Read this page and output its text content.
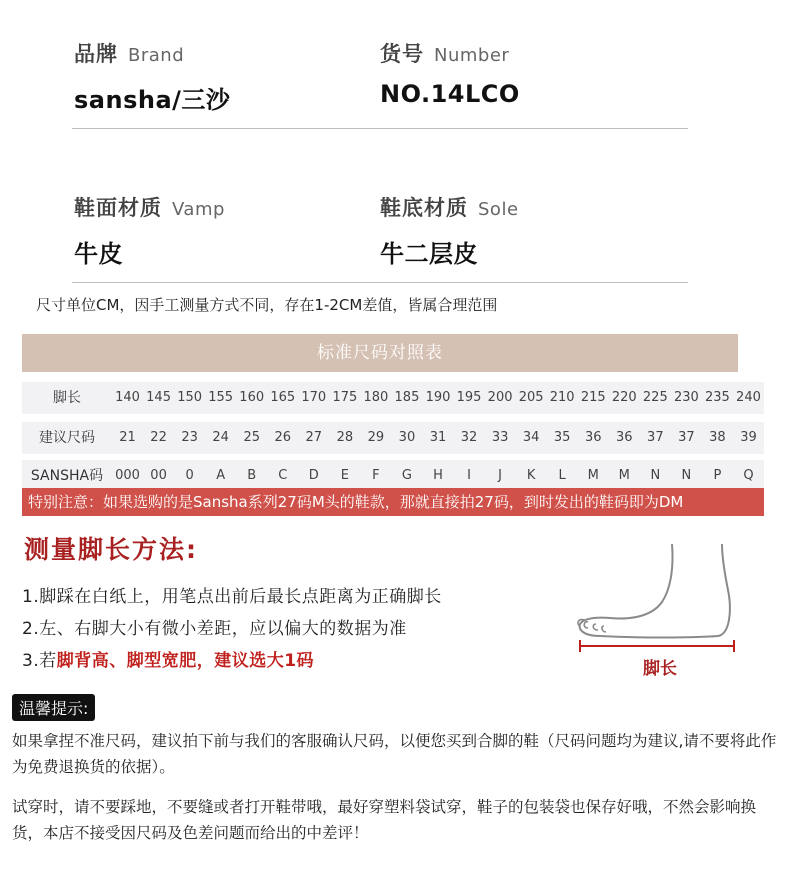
品牌 Brand
sansha/三沙
货号 Number
NO.14LCO
鞋面材质 Vamp
牛皮
鞋底材质 Sole
牛二层皮
尺寸单位CM，因手工测量方式不同，存在1-2CM差值，皆属合理范围
标准尺码对照表
脚长	140 145 150 155 160 165 170 175 180 185 190 195 200 205 210 215 220 225 230 235 240
建议尺码	21	22	23	24	25	26	27	28	29	30	31	32	33	34	35	36	36	37	37	38	39
SANSHA码 000 00	0	A	B	C	D	E	F	G	H	I	J	K	L	M	M	N	N	P	Q
特别注意：如果选购的是Sansha系列27码M头的鞋款，那就直接拍27码，到时发出的鞋码即为DM
测量脚长方法:
1.脚踩在白纸上，用笔点出前后最长点距离为正确脚长
2.左、右脚大小有微小差距，应以偏大的数据为准
3.若脚背高、脚型宽肥，建议选大1码	脚长
温馨提示:
如果拿捏不准尺码，建议拍下前与我们的客服确认尺码，以便您买到合脚的鞋（尺码问题均为建议,请不要将此作为免费退换货的依据）。
试穿时，请不要踩地，不要缝或者打开鞋带哦，最好穿塑料袋试穿，鞋子的包装袋也保存好哦，不然会影响换货，本店不接受因尺码及色差问题而给出的中差评！
